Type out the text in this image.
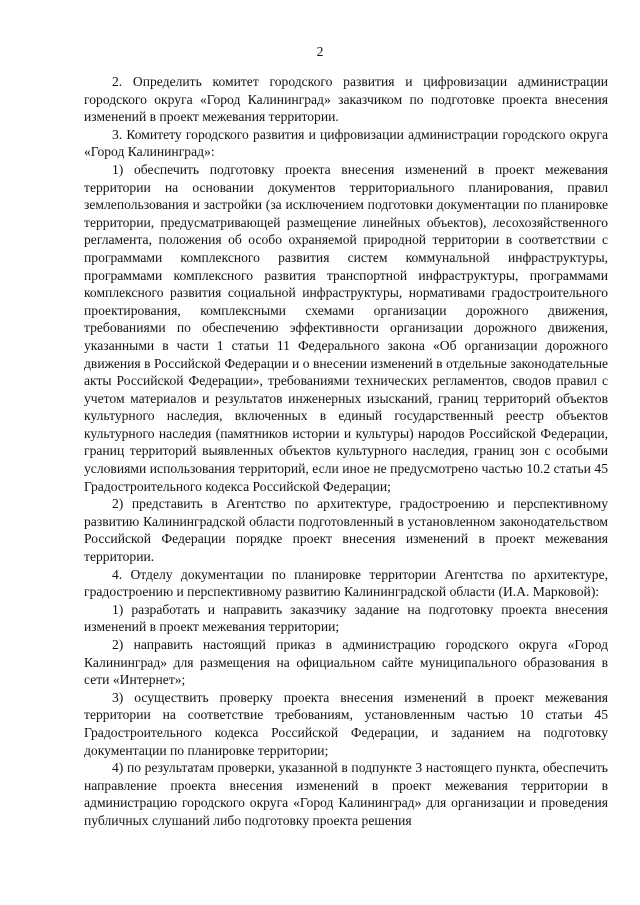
2

2. Определить комитет городского развития и цифровизации администрации городского округа «Город Калининград» заказчиком по подготовке проекта внесения изменений в проект межевания территории.

3. Комитету городского развития и цифровизации администрации городского округа «Город Калининград»:

1) обеспечить подготовку проекта внесения изменений в проект межевания территории на основании документов территориального планирования, правил землепользования и застройки (за исключением подготовки документации по планировке территории, предусматривающей размещение линейных объектов), лесохозяйственного регламента, положения об особо охраняемой природной территории в соответствии с программами комплексного развития систем коммунальной инфраструктуры, программами комплексного развития транспортной инфраструктуры, программами комплексного развития социальной инфраструктуры, нормативами градостроительного проектирования, комплексными схемами организации дорожного движения, требованиями по обеспечению эффективности организации дорожного движения, указанными в части 1 статьи 11 Федерального закона «Об организации дорожного движения в Российской Федерации и о внесении изменений в отдельные законодательные акты Российской Федерации», требованиями технических регламентов, сводов правил с учетом материалов и результатов инженерных изысканий, границ территорий объектов культурного наследия, включенных в единый государственный реестр объектов культурного наследия (памятников истории и культуры) народов Российской Федерации, границ территорий выявленных объектов культурного наследия, границ зон с особыми условиями использования территорий, если иное не предусмотрено частью 10.2 статьи 45 Градостроительного кодекса Российской Федерации;

2) представить в Агентство по архитектуре, градостроению и перспективному развитию Калининградской области подготовленный в установленном законодательством Российской Федерации порядке проект внесения изменений в проект межевания территории.

4. Отделу документации по планировке территории Агентства по архитектуре, градостроению и перспективному развитию Калининградской области (И.А. Марковой):

1) разработать и направить заказчику задание на подготовку проекта внесения изменений в проект межевания территории;

2) направить настоящий приказ в администрацию городского округа «Город Калининград» для размещения на официальном сайте муниципального образования в сети «Интернет»;

3) осуществить проверку проекта внесения изменений в проект межевания территории на соответствие требованиям, установленным частью 10 статьи 45 Градостроительного кодекса Российской Федерации, и заданием на подготовку документации по планировке территории;

4) по результатам проверки, указанной в подпункте 3 настоящего пункта, обеспечить направление проекта внесения изменений в проект межевания территории в администрацию городского округа «Город Калининград» для организации и проведения публичных слушаний либо подготовку проекта решения
